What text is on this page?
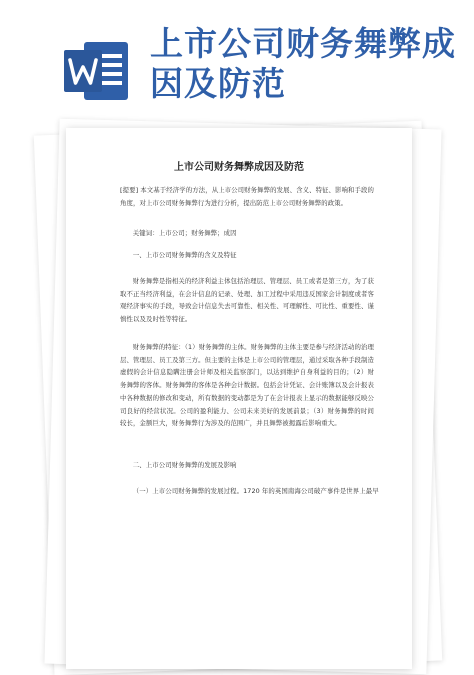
上市公司财务舞弊成因及防范
上市公司财务舞弊成因及防范

[提要] 本文基于经济学的方法，从上市公司财务舞弊的发展、含义、特征、影响和手段的角度，对上市公司财务舞弊行为进行分析，提出防范上市公司财务舞弊的政策。

关键词：上市公司；财务舞弊；成因

一、上市公司财务舞弊的含义及特征

财务舞弊是指相关的经济利益主体包括治理层、管理层、员工或者是第三方，为了获取不正当经济利益，在会计信息的记录、处理、加工过程中采用违反国家会计制度或者客观经济事实的手段，导致会计信息失去可靠性、相关性、可理解性、可比性、重要性、谨慎性以及及时性等特征。

财务舞弊的特征：（1）财务舞弊的主体。财务舞弊的主体主要是参与经济活动的治理层、管理层、员工及第三方。但主要的主体是上市公司的管理层，通过采取各种手段制造虚假的会计信息隐瞒注册会计师及相关监察部门，以达到维护自身利益的目的；（2）财务舞弊的客体。财务舞弊的客体是各种会计数据。包括会计凭证、会计账簿以及会计报表中各种数据的修改和变动，所有数据的变动都是为了在会计报表上显示的数据能够反映公司良好的经营状况。公司的盈利能力、公司未来美好的发展前景；（3）财务舞弊的时间较长，金额巨大，财务舞弊行为涉及的范围广，并且舞弊被揭露后影响重大。

二、上市公司财务舞弊的发展及影响

（一）上市公司财务舞弊的发展过程。1720 年的英国南海公司破产事件是世界上最早
